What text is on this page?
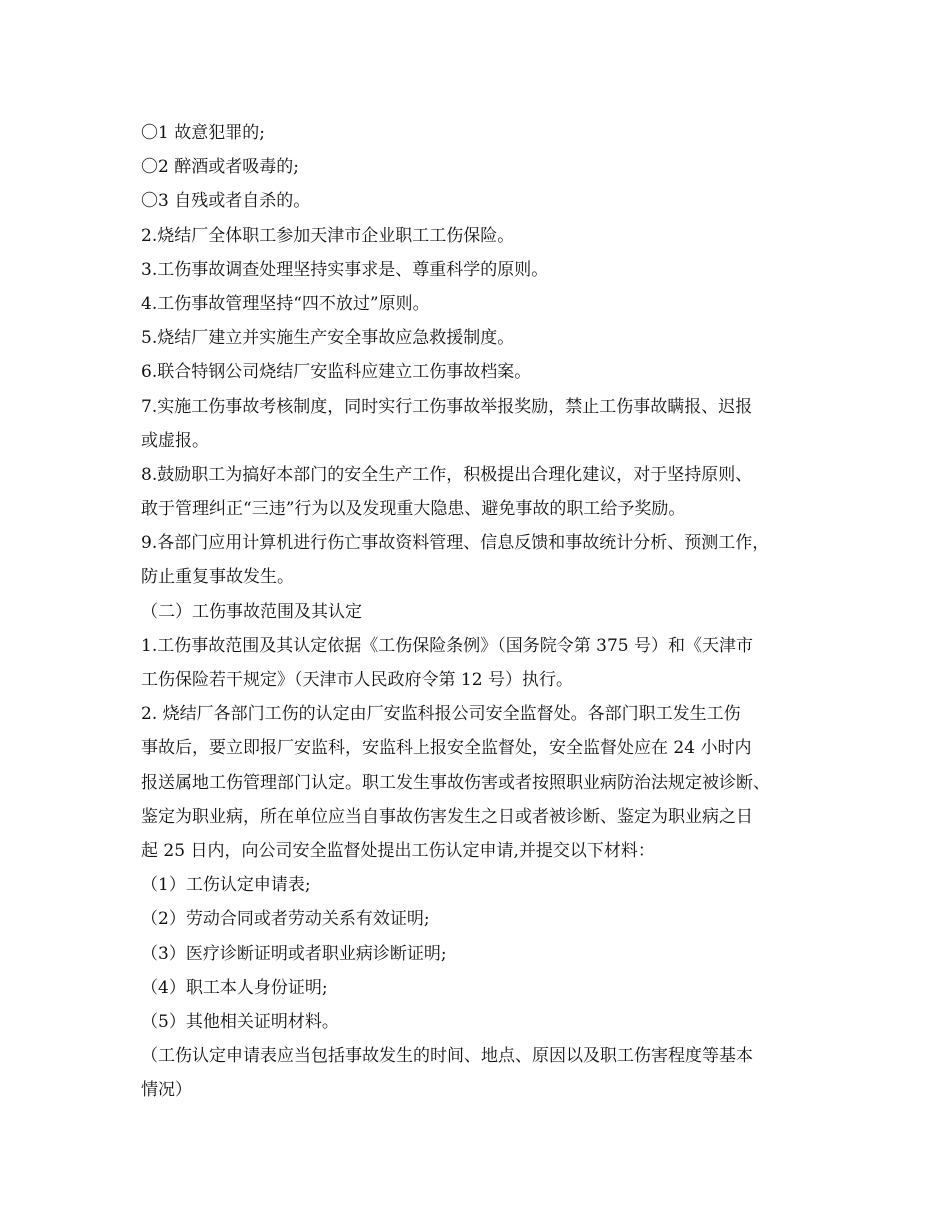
〇1 故意犯罪的;
〇2 醉酒或者吸毒的;
〇3 自残或者自杀的。
2.烧结厂全体职工参加天津市企业职工工伤保险。
3.工伤事故调查处理坚持实事求是、尊重科学的原则。
4.工伤事故管理坚持“四不放过”原则。
5.烧结厂建立并实施生产安全事故应急救援制度。
6.联合特钢公司烧结厂安监科应建立工伤事故档案。
7.实施工伤事故考核制度，同时实行工伤事故举报奖励，禁止工伤事故瞒报、迟报
或虚报。
8.鼓励职工为搞好本部门的安全生产工作，积极提出合理化建议，对于坚持原则、
敢于管理纠正“三违”行为以及发现重大隐患、避免事故的职工给予奖励。
9.各部门应用计算机进行伤亡事故资料管理、信息反馈和事故统计分析、预测工作，
防止重复事故发生。
（二）工伤事故范围及其认定
1.工伤事故范围及其认定依据《工伤保险条例》（国务院令第 375 号）和《天津市
工伤保险若干规定》（天津市人民政府令第 12 号）执行。
2. 烧结厂各部门工伤的认定由厂安监科报公司安全监督处。各部门职工发生工伤
事故后，要立即报厂安监科，安监科上报安全监督处，安全监督处应在 24 小时内
报送属地工伤管理部门认定。职工发生事故伤害或者按照职业病防治法规定被诊断、
鉴定为职业病，所在单位应当自事故伤害发生之日或者被诊断、鉴定为职业病之日
起 25 日内，向公司安全监督处提出工伤认定申请,并提交以下材料：
（1）工伤认定申请表;
（2）劳动合同或者劳动关系有效证明;
（3）医疗诊断证明或者职业病诊断证明;
（4）职工本人身份证明;
（5）其他相关证明材料。
（工伤认定申请表应当包括事故发生的时间、地点、原因以及职工伤害程度等基本
情况）
